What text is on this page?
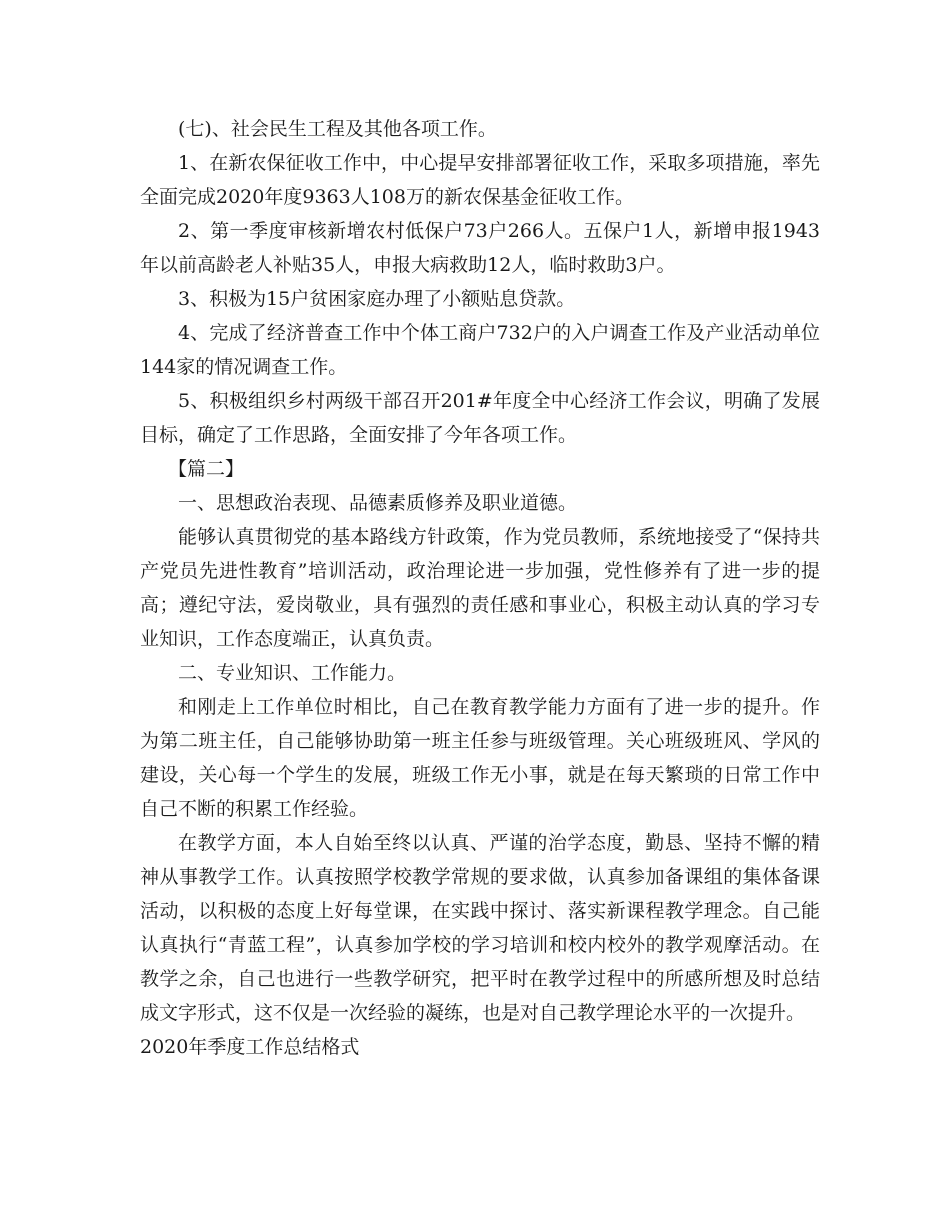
(七)、社会民生工程及其他各项工作。

1、在新农保征收工作中，中心提早安排部署征收工作，采取多项措施，率先全面完成2020年度9363人108万的新农保基金征收工作。

2、第一季度审核新增农村低保户73户266人。五保户1人，新增申报1943年以前高龄老人补贴35人，申报大病救助12人，临时救助3户。

3、积极为15户贫困家庭办理了小额贴息贷款。

4、完成了经济普查工作中个体工商户732户的入户调查工作及产业活动单位144家的情况调查工作。

5、积极组织乡村两级干部召开201#年度全中心经济工作会议，明确了发展目标，确定了工作思路，全面安排了今年各项工作。

【篇二】

一、思想政治表现、品德素质修养及职业道德。

能够认真贯彻党的基本路线方针政策，作为党员教师，系统地接受了“保持共产党员先进性教育”培训活动，政治理论进一步加强，党性修养有了进一步的提高；遵纪守法，爱岗敬业，具有强烈的责任感和事业心，积极主动认真的学习专业知识，工作态度端正，认真负责。

二、专业知识、工作能力。

和刚走上工作单位时相比，自己在教育教学能力方面有了进一步的提升。作为第二班主任，自己能够协助第一班主任参与班级管理。关心班级班风、学风的建设，关心每一个学生的发展，班级工作无小事，就是在每天繁琐的日常工作中自己不断的积累工作经验。

在教学方面，本人自始至终以认真、严谨的治学态度，勤恳、坚持不懈的精神从事教学工作。认真按照学校教学常规的要求做，认真参加备课组的集体备课活动，以积极的态度上好每堂课，在实践中探讨、落实新课程教学理念。自己能认真执行“青蓝工程”，认真参加学校的学习培训和校内校外的教学观摩活动。在教学之余，自己也进行一些教学研究，把平时在教学过程中的所感所想及时总结成文字形式，这不仅是一次经验的凝练，也是对自己教学理论水平的一次提升。

2020年季度工作总结格式
